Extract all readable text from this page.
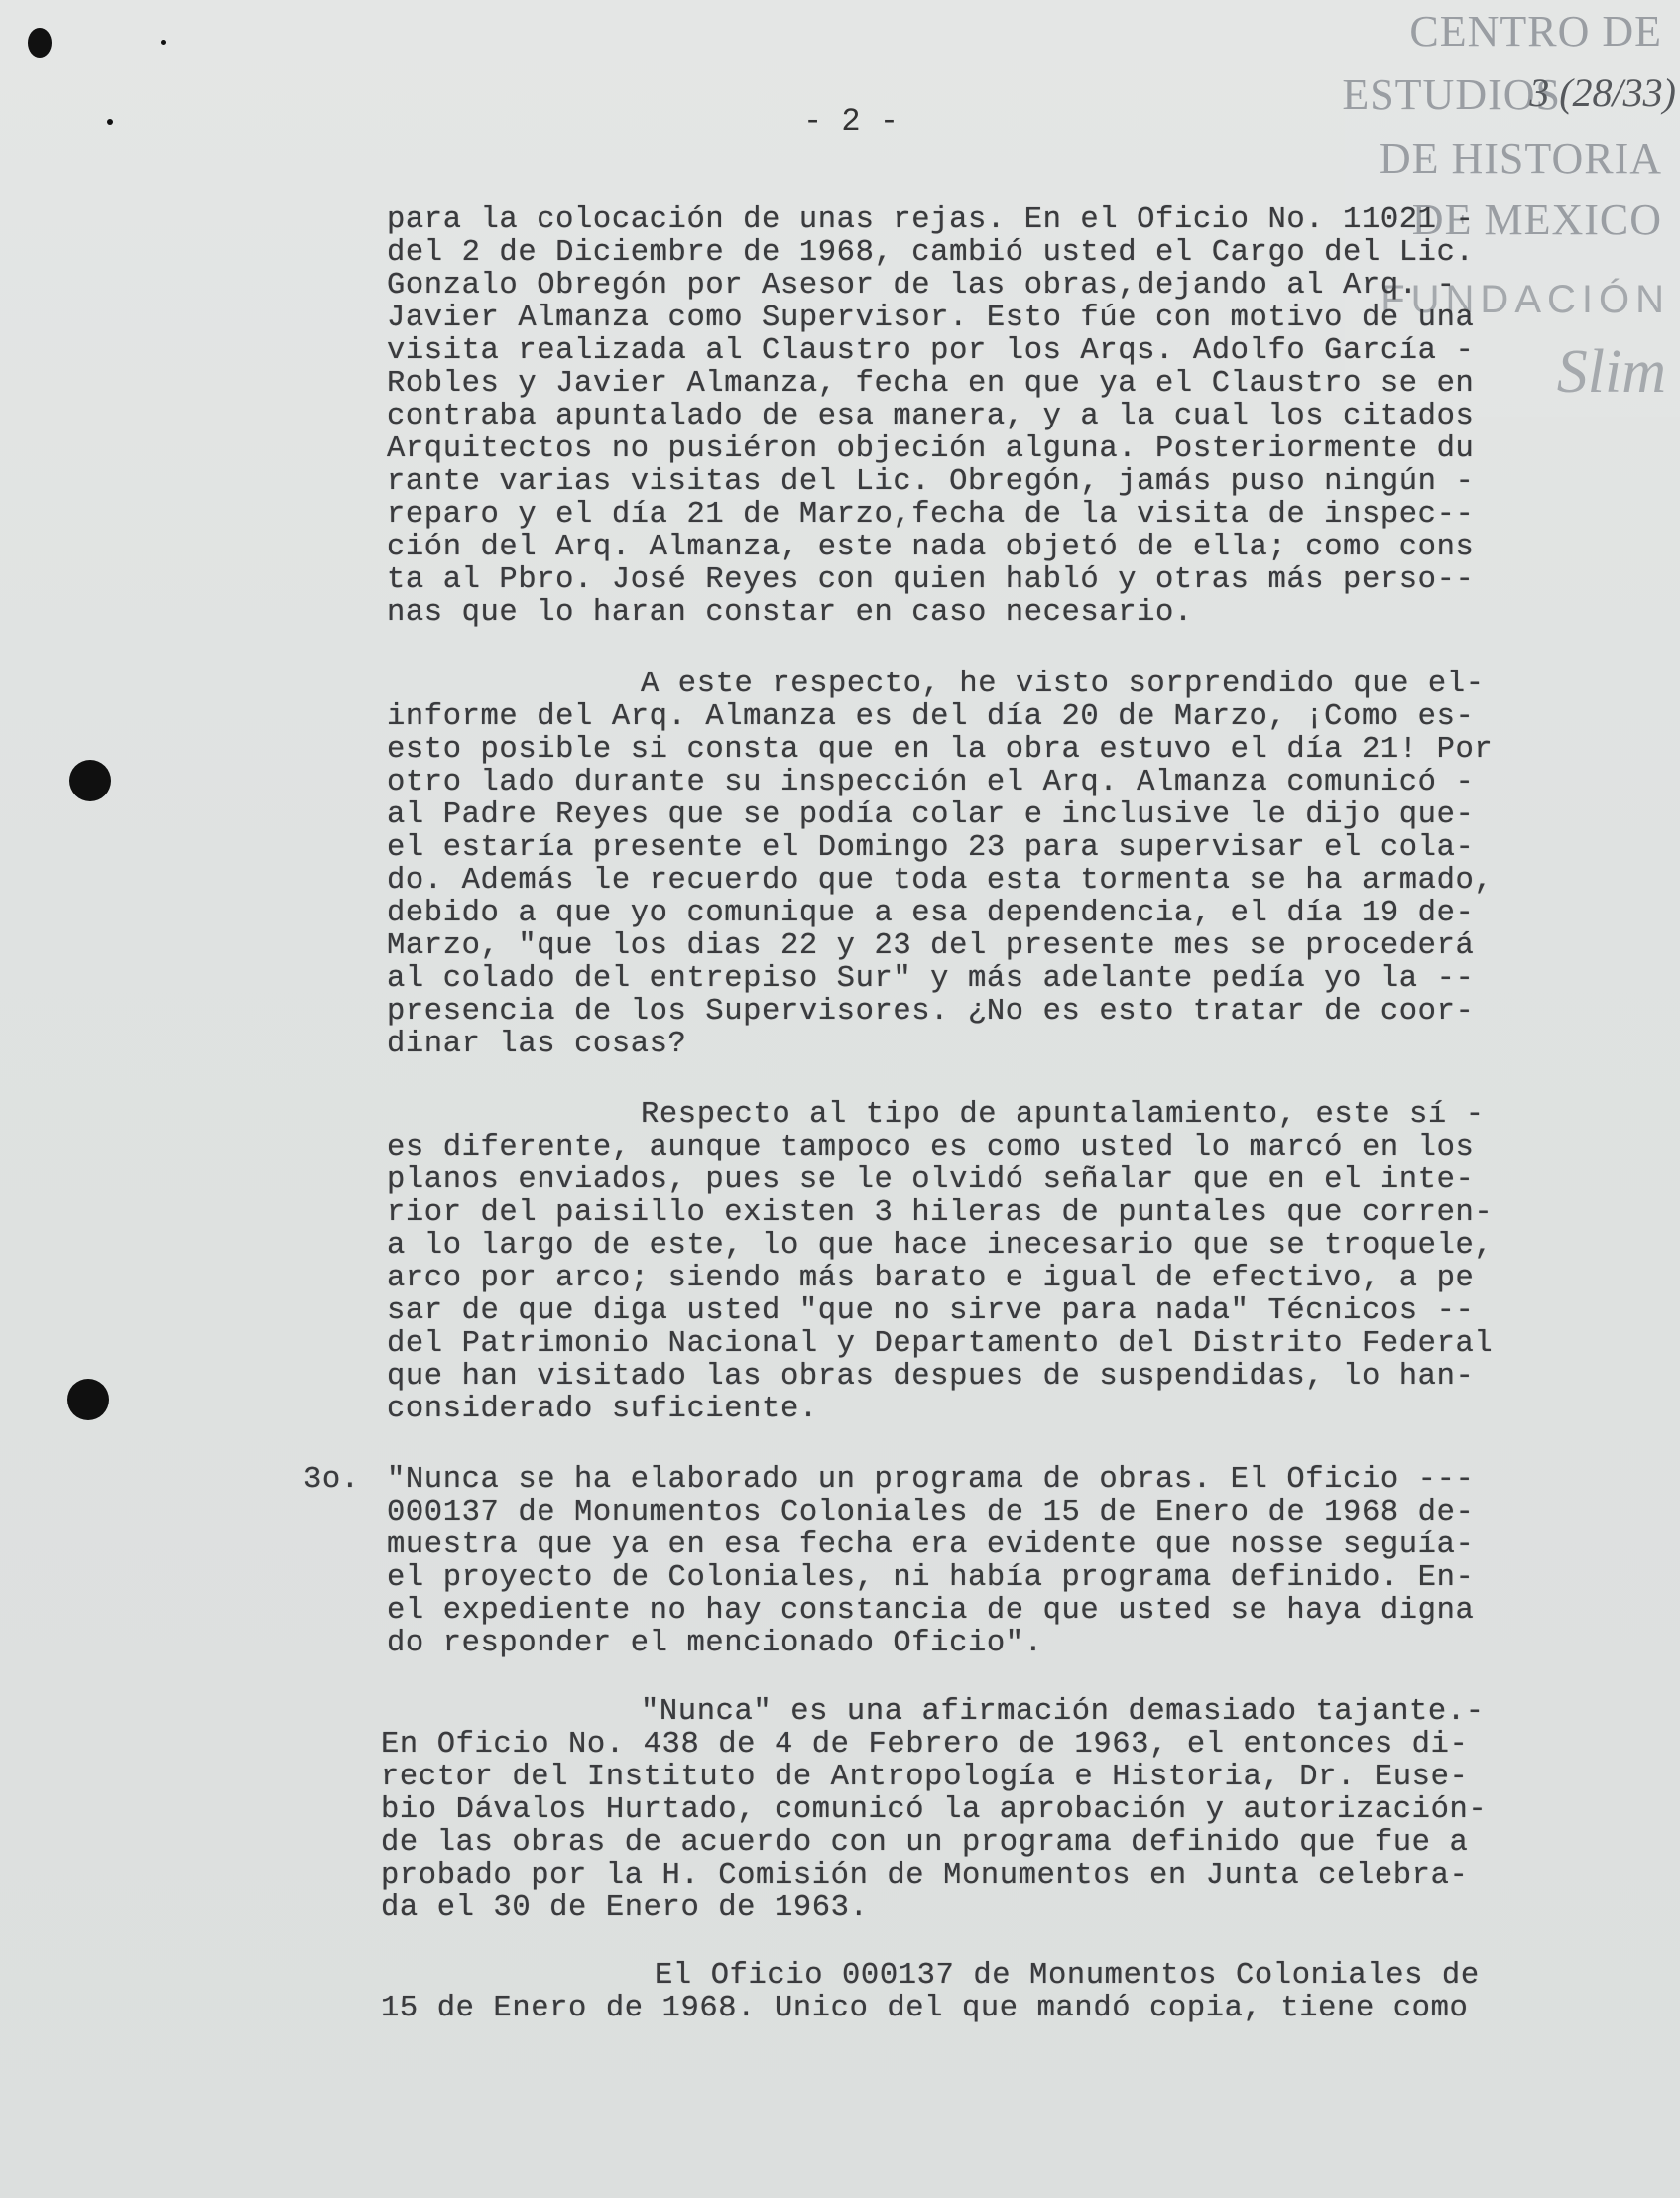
CENTRO DE

ESTUDIOS

DE HISTORIA

DE MEXICO

FUNDACIÓN

Slim

3 (28/33)

- 2 -

para la colocación de unas rejas. En el Oficio No. 11021 -

del 2 de Diciembre de 1968, cambió usted el Cargo del Lic.

Gonzalo Obregón por Asesor de las obras,dejando al Arq. -

Javier Almanza como Supervisor. Esto fúe con motivo de una

visita realizada al Claustro por los Arqs. Adolfo García -

Robles y Javier Almanza, fecha en que ya el Claustro se en

contraba apuntalado de esa manera, y a la cual los citados

Arquitectos no pusiéron objeción alguna. Posteriormente du

rante varias visitas del Lic. Obregón, jamás puso ningún -

reparo y el día 21 de Marzo,fecha de la visita de inspec--

ción del Arq. Almanza, este nada objetó de ella; como cons

ta al Pbro. José Reyes con quien habló y otras más perso--

nas que lo haran constar en caso necesario.

A este respecto, he visto sorprendido que el-

informe del Arq. Almanza es del día 20 de Marzo, ¡Como es-

esto posible si consta que en la obra estuvo el día 21! Por

otro lado durante su inspección el Arq. Almanza comunicó -

al Padre Reyes que se podía colar e inclusive le dijo que-

el estaría presente el Domingo 23 para supervisar el cola-

do. Además le recuerdo que toda esta tormenta se ha armado,

debido a que yo comunique a esa dependencia, el día 19 de-

Marzo, "que los dias 22 y 23 del presente mes se procederá

al colado del entrepiso Sur" y más adelante pedía yo la --

presencia de los Supervisores. ¿No es esto tratar de coor-

dinar las cosas?

Respecto al tipo de apuntalamiento, este sí -

es diferente, aunque tampoco es como usted lo marcó en los

planos enviados, pues se le olvidó señalar que en el inte-

rior del paisillo existen 3 hileras de puntales que corren-

a lo largo de este, lo que hace inecesario que se troquele,

arco por arco; siendo más barato e igual de efectivo, a pe

sar de que diga usted "que no sirve para nada" Técnicos --

del Patrimonio Nacional y Departamento del Distrito Federal

que han visitado las obras despues de suspendidas, lo han-

considerado suficiente.

3o. "Nunca se ha elaborado un programa de obras. El Oficio ---

000137 de Monumentos Coloniales de 15 de Enero de 1968 de-

muestra que ya en esa fecha era evidente que nosse seguía-

el proyecto de Coloniales, ni había programa definido. En-

el expediente no hay constancia de que usted se haya digna

do responder el mencionado Oficio".

"Nunca" es una afirmación demasiado tajante.-

En Oficio No. 438 de 4 de Febrero de 1963, el entonces di-

rector del Instituto de Antropología e Historia, Dr. Euse-

bio Dávalos Hurtado, comunicó la aprobación y autorización-

de las obras de acuerdo con un programa definido que fue a

probado por la H. Comisión de Monumentos en Junta celebra-

da el 30 de Enero de 1963.

El Oficio 000137 de Monumentos Coloniales de

15 de Enero de 1968. Unico del que mandó copia, tiene como
